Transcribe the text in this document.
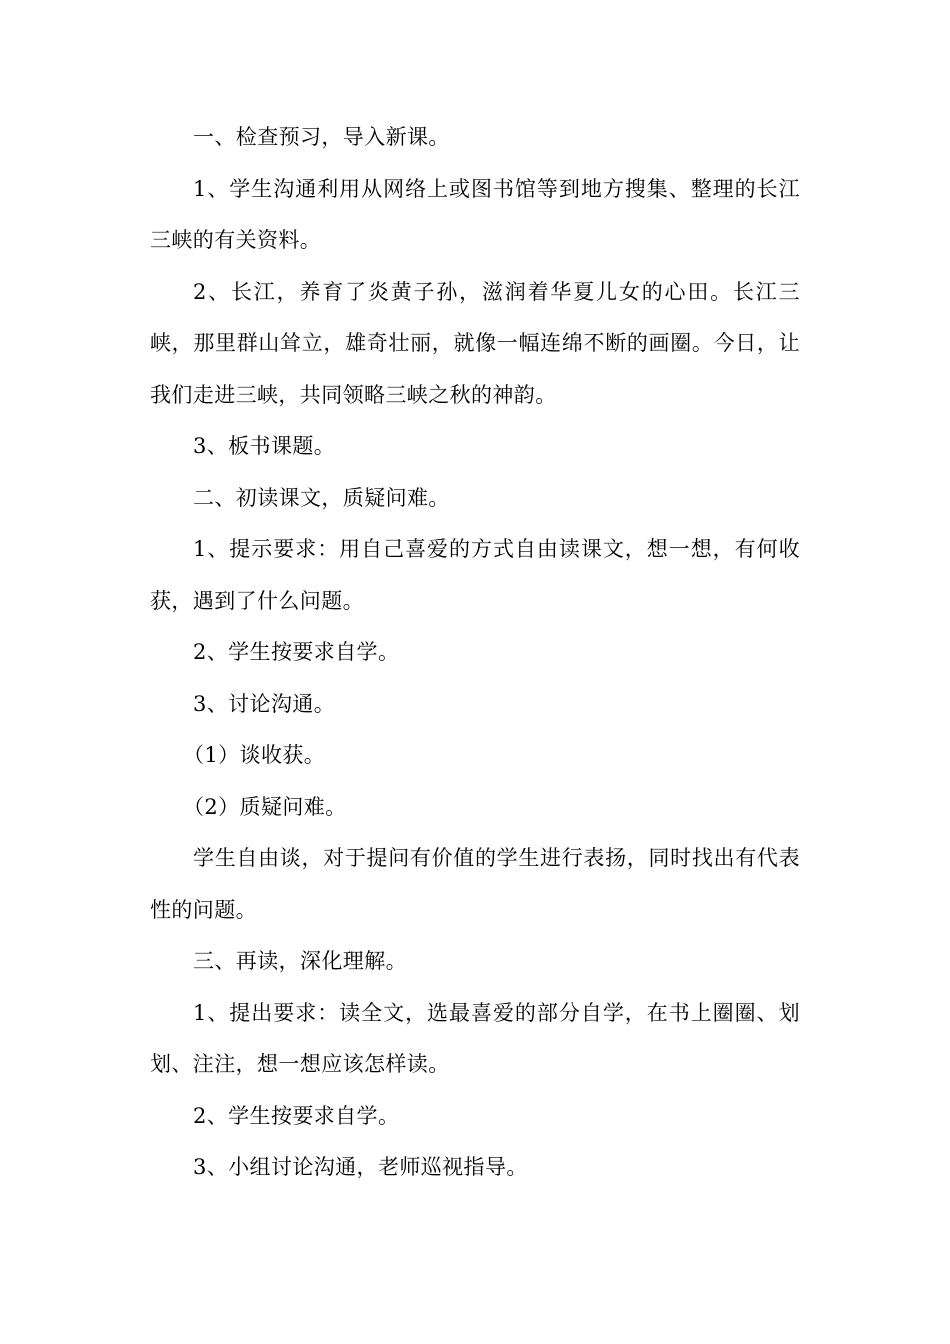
一、检查预习，导入新课。

1、学生沟通利用从网络上或图书馆等到地方搜集、整理的长江三峡的有关资料。

2、长江，养育了炎黄子孙，滋润着华夏儿女的心田。长江三峡，那里群山耸立，雄奇壮丽，就像一幅连绵不断的画圈。今日，让我们走进三峡，共同领略三峡之秋的神韵。

3、板书课题。

二、初读课文，质疑问难。

1、提示要求：用自己喜爱的方式自由读课文，想一想，有何收获，遇到了什么问题。

2、学生按要求自学。

3、讨论沟通。

（1）谈收获。

（2）质疑问难。

学生自由谈，对于提问有价值的学生进行表扬，同时找出有代表性的问题。

三、再读，深化理解。

1、提出要求：读全文，选最喜爱的部分自学，在书上圈圈、划划、注注，想一想应该怎样读。

2、学生按要求自学。

3、小组讨论沟通，老师巡视指导。
